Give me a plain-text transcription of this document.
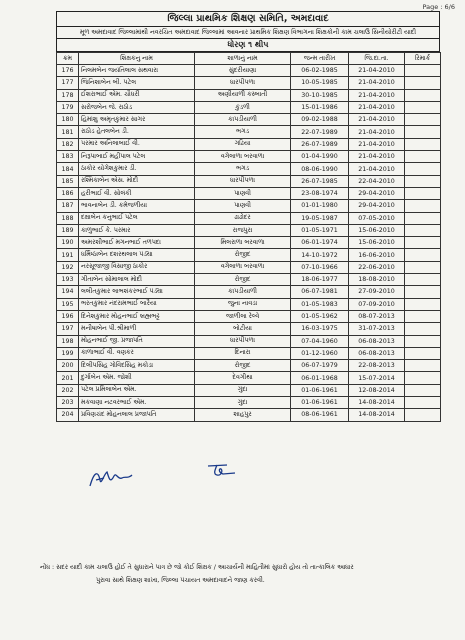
Page : 6/6
જિલ્લા પ્રાથમિક શિક્ષણ સમિતિ, અમદાવાદ
મૂળ અમદાવાદ જિલ્લામાંથી નવરચિત અમદાવાદ જિલ્લામાં આવનાર પ્રાથમિક શિક્ષણ વિભાગના શિક્ષકોની કામ ચલાઉ સિનીયોરીટી યાદી
ધોરણ ૧ થીપ
ક્રમ	શિક્ષકનુ નામ	શાળાનું નામ	જન્મ તારીખ	જિ.દા.તા.	રિમાર્ક
176	નિલમબેન જયંતિલાલ સથવારા	સુંદરીયાણા	06-02-1985	21-04-2010	
177	જિનિશાબેન બી. પટેલ	ધારપીપળા	10-05-1985	21-04-2010	
178	ઈશરાભાઈ એમ. ચૌધરી	અણીયાળી કસ્બાતી	30-10-1985	21-04-2010	
179	સરોજબેન જે. રાઠોડ	કુંડળી	15-01-1986	21-04-2010	
180	હિમાંશુ અમૃતકુમાર સાગર	કાપડીયાળી	09-02-1988	21-04-2010	
181	રાઠોડ હેતલબેન ડી.	ભગડ	22-07-1989	21-04-2010	
182	પરમાર અનિલાબાઈ વી.	ગઢિયા	26-07-1989	21-04-2010	
183	નિરૂપાબાઈ મહીપાલ પટેલ	વગેલાળા બરવાળા	01-04-1990	21-04-2010	
184	ઠાકોર યોગેશકુમાર ડી.	ભગડ	08-06-1990	21-04-2010	
185	રશ્મિકાબેન એસ. મોદી	ધારપીપળા	26-07-1985	22-04-2010	
186	હરીભાઈ વી. સોલંકી	પાણવી	23-08-1974	29-04-2010	
187	ભાવનાબેન ડી. કમેજળીયા	પાણવી	01-01-1980	29-04-2010	
188	દક્ષાબેન કનુભાઈ પટેલ	ઢાઢોદર	19-05-1987	07-05-2010	
189	કાળુભાઈ કે. પરમાર	રાજપુરા	01-05-1971	15-06-2010	
190	અમરશીભાઈ મગનભાઈ તળપદા	મિલરાળા બરવાળા	06-01-1974	15-06-2010	
191	ધર્મિષ્ઠાબેન દશરથલાલ પંડ્યા	રોજીદ	14-10-1972	16-06-2010	
192	નરસૂજાજી વિસાજી ઠાકોર	વગેલાળા બરવાળા	07-10-1966	22-06-2010	
193	ગીતાબેન સોમાલાલ મોદી	રોજીદ	18-06-1977	18-08-2010	
194	લલીતકુમાર લાભશંકરભાઈ પંડ્યા	કાપડીયાળી	06-07-1981	27-09-2010	
195	ભરતકુમાર નંદરામભાઈ બારૈયા	જુના નાવડા	01-05-1983	07-09-2010	
196	દિનેશકુમાર મોહનભાઈ બ્રહ્મભટ્ટ	જાળીલા રેલ્વે	01-05-1962	08-07-2013	
197	મનીષાબેન પી.શ્રીમાળી	બોટીયા	16-03-1975	31-07-2013	
198	મોહનભાઈ જી. પ્રજાપતિ	ધારપીપળા	07-04-1960	06-08-2013	
199	કાળાભાઈ વી. વણકર	દિનારા	01-12-1960	06-08-2013	
200	દિલીપસિંહ ગોવિંદસિંહ મકોડા	રોજીદ	06-07-1979	22-08-2013	
201	દુર્ગાબેન એમ. જોશી	દેવગીથા	06-01-1968	15-07-2014	
202	પટેલ પ્રમિલાબેન એમ.	ગુંદા	01-06-1961	12-08-2014	
203	મકવાણા નટવરભાઈ એમ.	ગુંદા	01-06-1961	14-08-2014	
204	પ્રવિણચંદ મોહનલાલ પ્રજાપતિ	શાહપુર	08-06-1961	14-08-2014	
નોંધ : સદર યાદી કામ ચલાઉ હોઈ તે સુધારાને પાત્ર છે જો કોઈ શિક્ષક / આચાર્યની માહિતીમાં સુધારો હોય તો તાત્કાલિક આધાર
પુરાવા સાથે શિક્ષણ શાખા, જિલ્લા પંચાયત અમદાવાદને જાણ કરવી.
